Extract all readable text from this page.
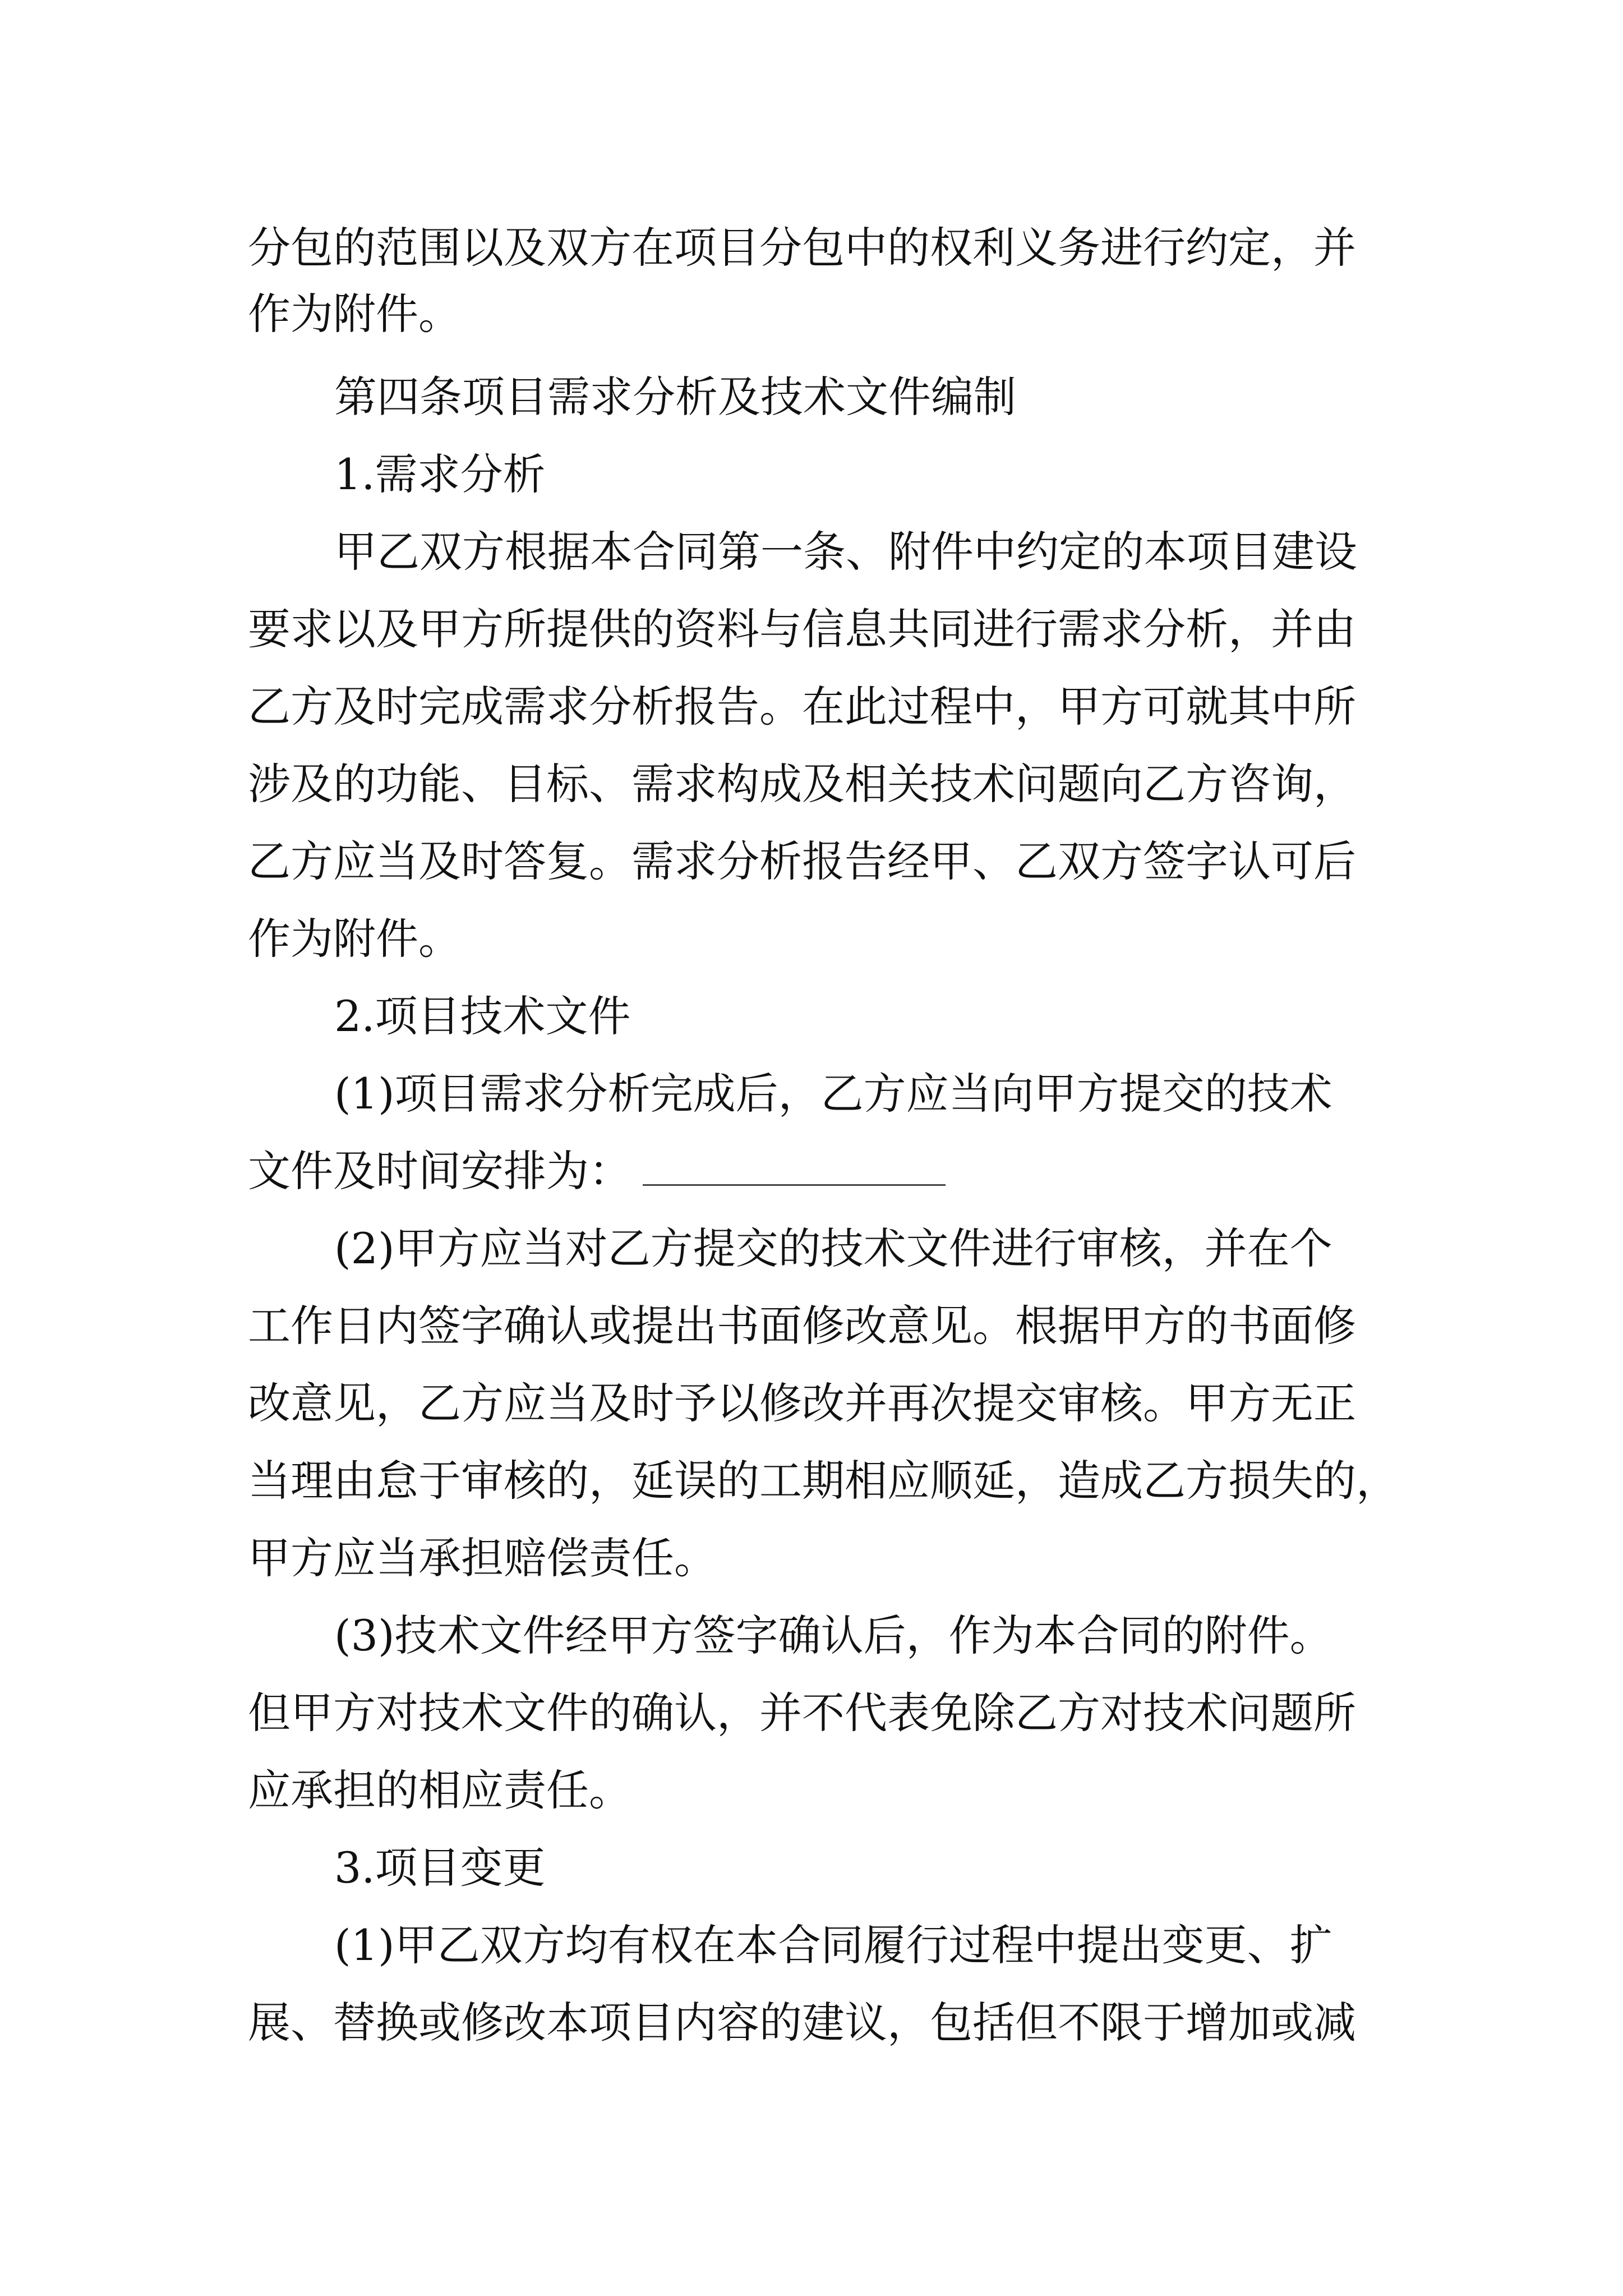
分包的范围以及双方在项目分包中的权利义务进行约定，并

作为附件。

第四条项目需求分析及技术文件编制

1.需求分析

甲乙双方根据本合同第一条、附件中约定的本项目建设

要求以及甲方所提供的资料与信息共同进行需求分析，并由

乙方及时完成需求分析报告。在此过程中，甲方可就其中所

涉及的功能、目标、需求构成及相关技术问题向乙方咨询，

乙方应当及时答复。需求分析报告经甲、乙双方签字认可后

作为附件。

2.项目技术文件

(1)项目需求分析完成后，乙方应当向甲方提交的技术

文件及时间安排为：

(2)甲方应当对乙方提交的技术文件进行审核，并在个

工作日内签字确认或提出书面修改意见。根据甲方的书面修

改意见，乙方应当及时予以修改并再次提交审核。甲方无正

当理由怠于审核的，延误的工期相应顺延，造成乙方损失的，

甲方应当承担赔偿责任。

(3)技术文件经甲方签字确认后，作为本合同的附件。

但甲方对技术文件的确认，并不代表免除乙方对技术问题所

应承担的相应责任。

3.项目变更

(1)甲乙双方均有权在本合同履行过程中提出变更、扩

展、替换或修改本项目内容的建议，包括但不限于增加或减
